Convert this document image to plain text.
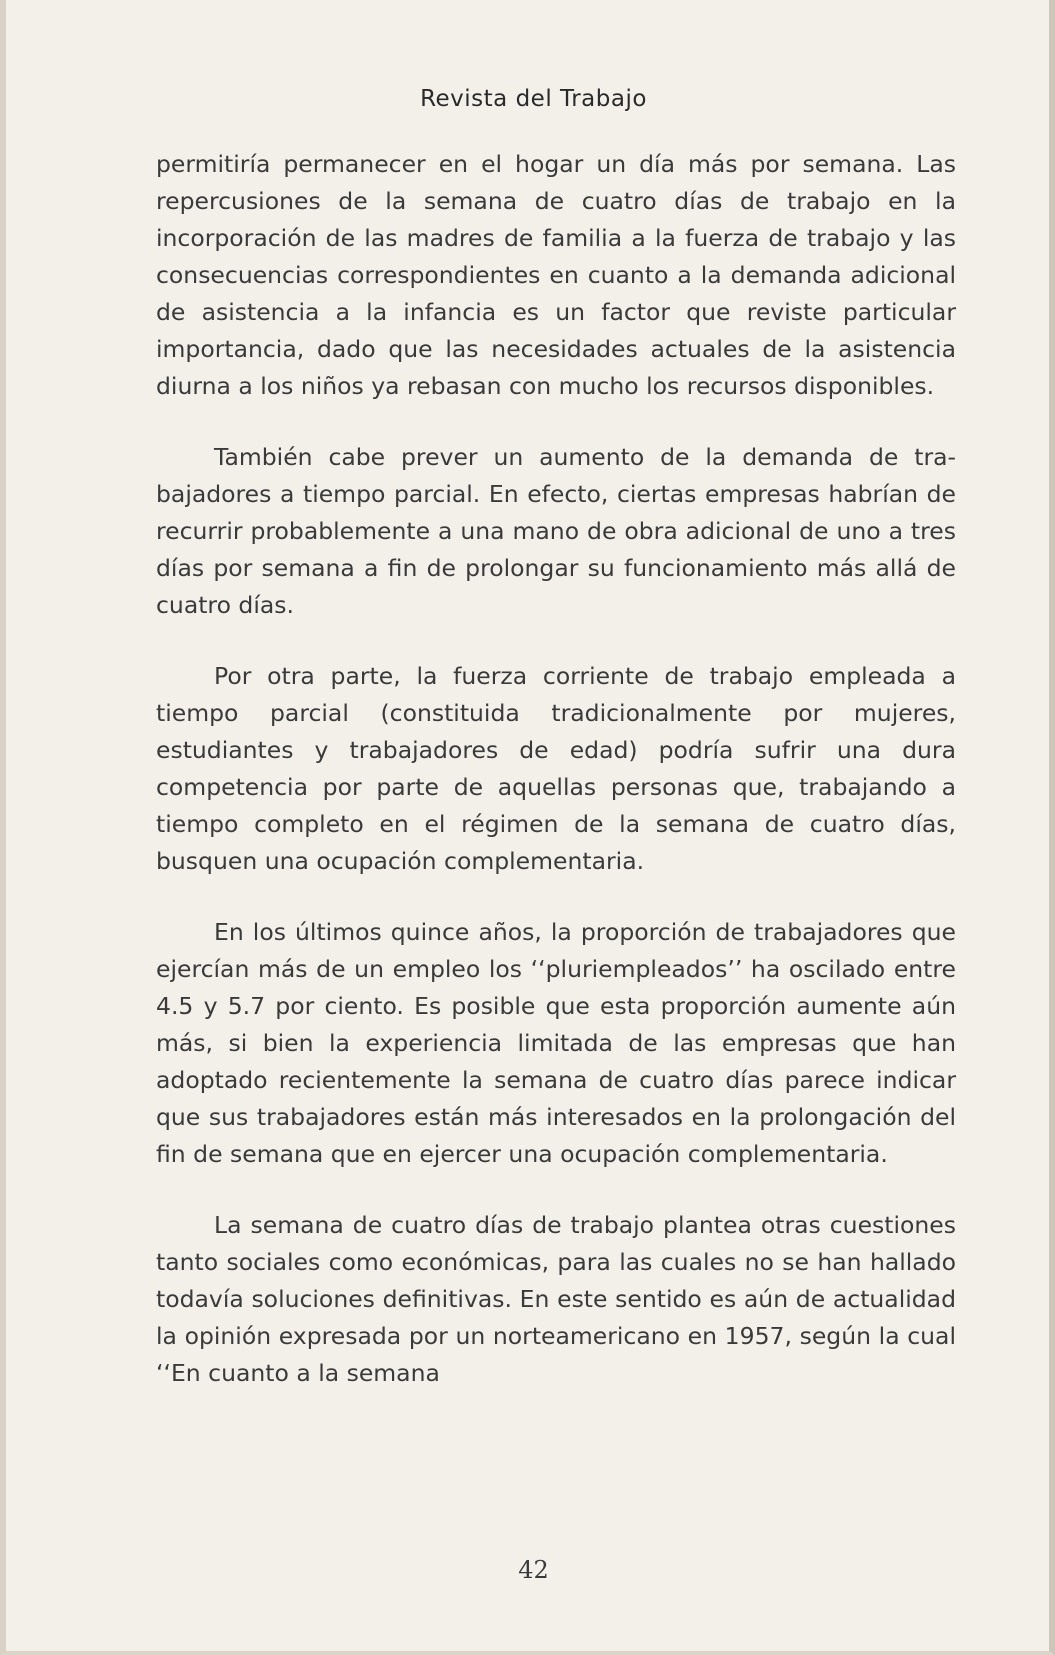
Revista del Trabajo

permitiría permanecer en el hogar un día más por semana. Las repercusiones de la semana de cuatro días de trabajo en la incorporación de las madres de familia a la fuerza de trabajo y las consecuencias correspondientes en cuanto a la demanda adicional de asistencia a la infancia es un factor que reviste particular importancia, dado que las necesidades actuales de la asistencia diurna a los niños ya rebasan con mucho los recursos disponibles.

También cabe prever un aumento de la demanda de trabajadores a tiempo parcial. En efecto, ciertas empresas habrían de recurrir probablemente a una mano de obra adicional de uno a tres días por semana a fin de prolongar su funcionamiento más allá de cuatro días.

Por otra parte, la fuerza corriente de trabajo empleada a tiempo parcial (constituida tradicionalmente por mujeres, estudiantes y trabajadores de edad) podría sufrir una dura competencia por parte de aquellas personas que, trabajando a tiempo completo en el régimen de la semana de cuatro días, busquen una ocupación complementaria.

En los últimos quince años, la proporción de trabajadores que ejercían más de un empleo los ‘‘pluriempleados’’ ha oscilado entre 4.5 y 5.7 por ciento. Es posible que esta proporción aumente aún más, si bien la experiencia limitada de las empresas que han adoptado recientemente la semana de cuatro días parece indicar que sus trabajadores están más interesados en la prolongación del fin de semana que en ejercer una ocupación complementaria.

La semana de cuatro días de trabajo plantea otras cuestiones tanto sociales como económicas, para las cuales no se han hallado todavía soluciones definitivas. En este sentido es aún de actualidad la opinión expresada por un norteamericano en 1957, según la cual ‘‘En cuanto a la semana

42
